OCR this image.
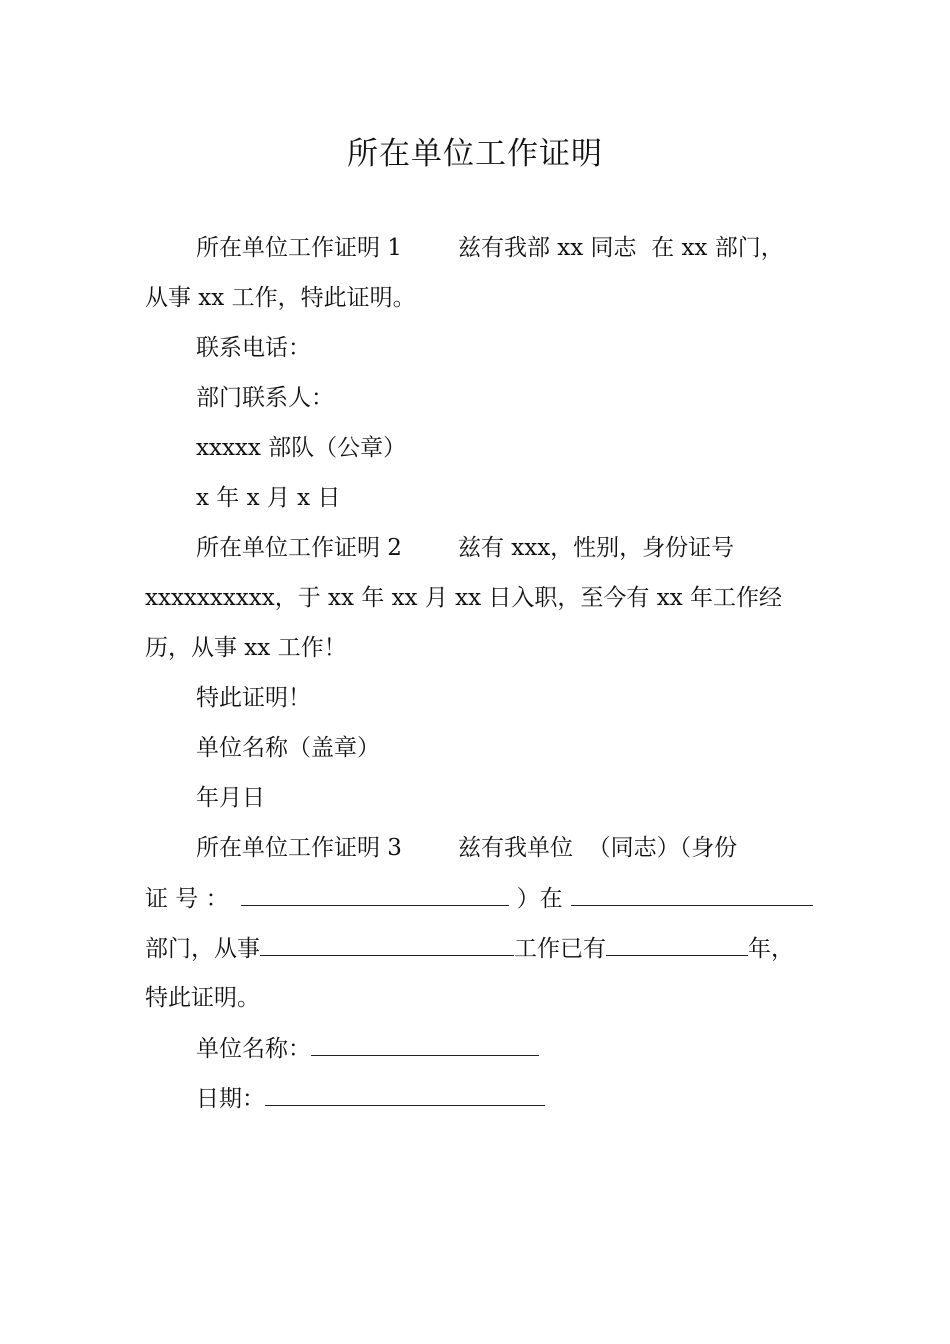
所在单位工作证明
所在单位工作证明 1 兹有我部 xx 同志  在 xx 部门，
从事 xx 工作，特此证明。
联系电话：
部门联系人：
xxxxx 部队（公章）
x 年 x 月 x 日
所在单位工作证明 2 兹有 xxx，性别，身份证号
xxxxxxxxxx，于 xx 年 xx 月 xx 日入职，至今有 xx 年工作经
历，从事 xx 工作！
特此证明！
单位名称（盖章）
年月日
所在单位工作证明 3 兹有我单位  （同志）（身份
证 号 ：	）在
部门，从事	工作已有	年，
特此证明。
单位名称：
日期：
